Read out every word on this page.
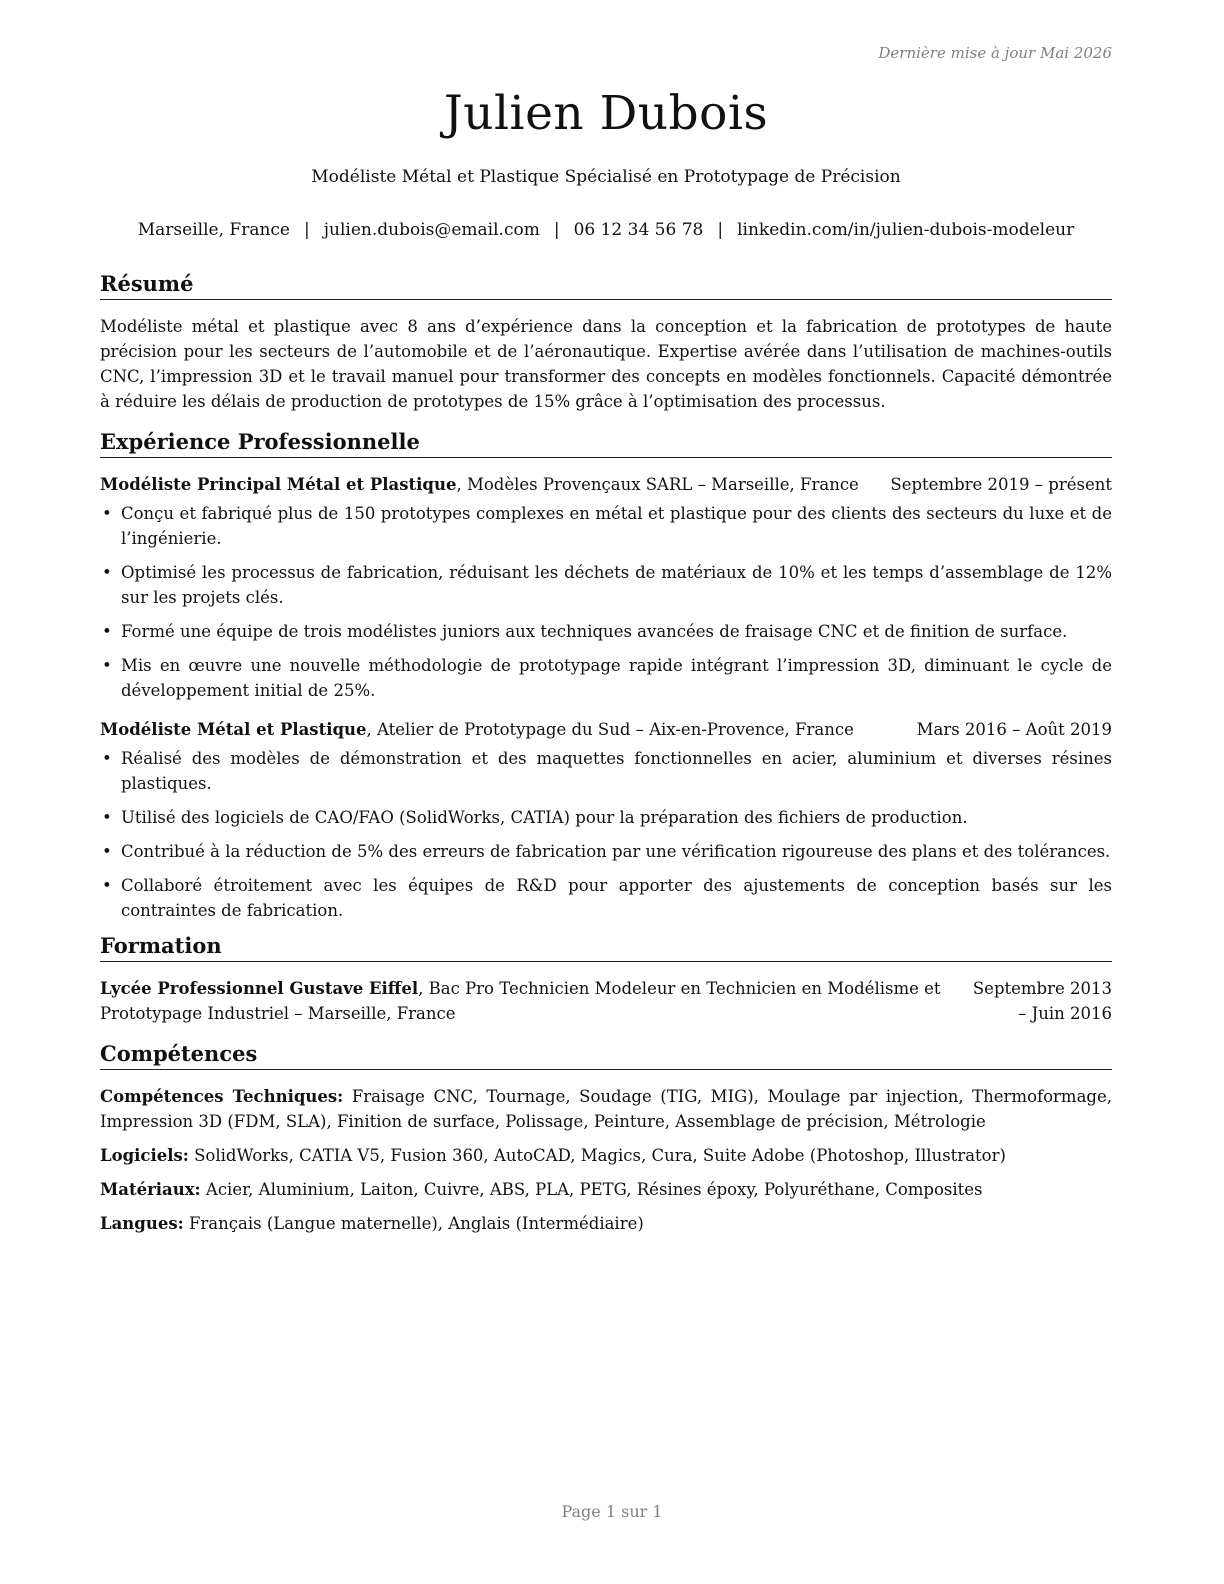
Dernière mise à jour Mai 2026
Julien Dubois
Modéliste Métal et Plastique Spécialisé en Prototypage de Précision
Marseille, France | julien.dubois@email.com | 06 12 34 56 78 | linkedin.com/in/julien-dubois-modeleur
Résumé

Modéliste métal et plastique avec 8 ans d’expérience dans la conception et la fabrication de prototypes de haute précision pour les secteurs de l’automobile et de l’aéronautique. Expertise avérée dans l’utilisation de machines-outils CNC, l’impression 3D et le travail manuel pour transformer des concepts en modèles fonctionnels. Capacité démontrée à réduire les délais de production de prototypes de 15% grâce à l’optimisation des processus.

Expérience Professionnelle
Modéliste Principal Métal et Plastique, Modèles Provençaux SARL – Marseille, France Septembre 2019 – présent
• Conçu et fabriqué plus de 150 prototypes complexes en métal et plastique pour des clients des secteurs du luxe et de l’ingénierie.
• Optimisé les processus de fabrication, réduisant les déchets de matériaux de 10% et les temps d’assemblage de 12% sur les projets clés.
• Formé une équipe de trois modélistes juniors aux techniques avancées de fraisage CNC et de finition de surface.
• Mis en œuvre une nouvelle méthodologie de prototypage rapide intégrant l’impression 3D, diminuant le cycle de développement initial de 25%.
Modéliste Métal et Plastique, Atelier de Prototypage du Sud – Aix-en-Provence, France	Mars 2016 – Août 2019
• Réalisé des modèles de démonstration et des maquettes fonctionnelles en acier, aluminium et diverses résines plastiques.
• Utilisé des logiciels de CAO/FAO (SolidWorks, CATIA) pour la préparation des fichiers de production.
• Contribué à la réduction de 5% des erreurs de fabrication par une vérification rigoureuse des plans et des tolérances.
• Collaboré étroitement avec les équipes de R&D pour apporter des ajustements de conception basés sur les contraintes de fabrication.
Formation
Lycée Professionnel Gustave Eiffel, Bac Pro Technicien Modeleur en Technicien en Modélisme et Prototypage Industriel – Marseille, France
Septembre 2013 – Juin 2016
Compétences
Compétences Techniques: Fraisage CNC, Tournage, Soudage (TIG, MIG), Moulage par injection, Thermoformage, Impression 3D (FDM, SLA), Finition de surface, Polissage, Peinture, Assemblage de précision, Métrologie
Logiciels: SolidWorks, CATIA V5, Fusion 360, AutoCAD, Magics, Cura, Suite Adobe (Photoshop, Illustrator)
Matériaux: Acier, Aluminium, Laiton, Cuivre, ABS, PLA, PETG, Résines époxy, Polyuréthane, Composites
Langues: Français (Langue maternelle), Anglais (Intermédiaire)
Page 1 sur 1
